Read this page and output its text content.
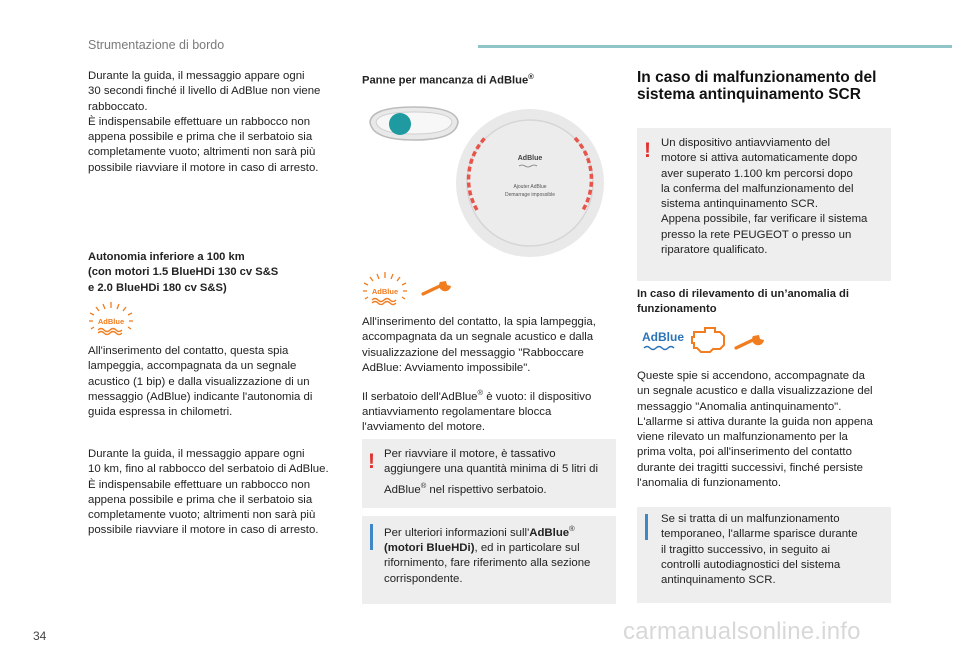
Strumentazione di bordo
Durante la guida, il messaggio appare ogni
30 secondi finché il livello di AdBlue non viene
rabboccato.
È indispensabile effettuare un rabbocco non
appena possibile e prima che il serbatoio sia
completamente vuoto; altrimenti non sarà più
possibile riavviare il motore in caso di arresto.
Autonomia inferiore a 100 km
(con motori 1.5 BlueHDi 130 cv S&S
e 2.0 BlueHDi 180 cv S&S)
AdBlue
All'inserimento del contatto, questa spia
lampeggia, accompagnata da un segnale
acustico (1 bip) e dalla visualizzazione di un
messaggio (AdBlue) indicante l'autonomia di
guida espressa in chilometri.
Durante la guida, il messaggio appare ogni
10 km, fino al rabbocco del serbatoio di AdBlue.
È indispensabile effettuare un rabbocco non
appena possibile e prima che il serbatoio sia
completamente vuoto; altrimenti non sarà più
possibile riavviare il motore in caso di arresto.
Panne per mancanza di AdBlue®
AdBlue
Ajouter AdBlue
Demarrage impossible
AdBlue
All'inserimento del contatto, la spia lampeggia,
accompagnata da un segnale acustico e dalla
visualizzazione del messaggio "Rabboccare
AdBlue: Avviamento impossibile".
Il serbatoio dell'AdBlue® è vuoto: il dispositivo
antiavviamento regolamentare blocca
l'avviamento del motore.
! Per riavviare il motore, è tassativo
aggiungere una quantità minima di 5 litri di
AdBlue® nel rispettivo serbatoio.
Per ulteriori informazioni sull'AdBlue®
(motori BlueHDi), ed in particolare sul
rifornimento, fare riferimento alla sezione
corrispondente.
In caso di malfunzionamento del
sistema antinquinamento SCR
! Un dispositivo antiavviamento del
motore si attiva automaticamente dopo
aver superato 1.100 km percorsi dopo
la conferma del malfunzionamento del
sistema antinquinamento SCR.
Appena possibile, far verificare il sistema
presso la rete PEUGEOT o presso un
riparatore qualificato.
In caso di rilevamento di un’anomalia di
funzionamento
AdBlue
Queste spie si accendono, accompagnate da
un segnale acustico e dalla visualizzazione del
messaggio "Anomalia antinquinamento".
L'allarme si attiva durante la guida non appena
viene rilevato un malfunzionamento per la
prima volta, poi all'inserimento del contatto
durante dei tragitti successivi, finché persiste
l'anomalia di funzionamento.
Se si tratta di un malfunzionamento
temporaneo, l'allarme sparisce durante
il tragitto successivo, in seguito ai
controlli autodiagnostici del sistema
antinquinamento SCR.
34	carmanualsonline.info
